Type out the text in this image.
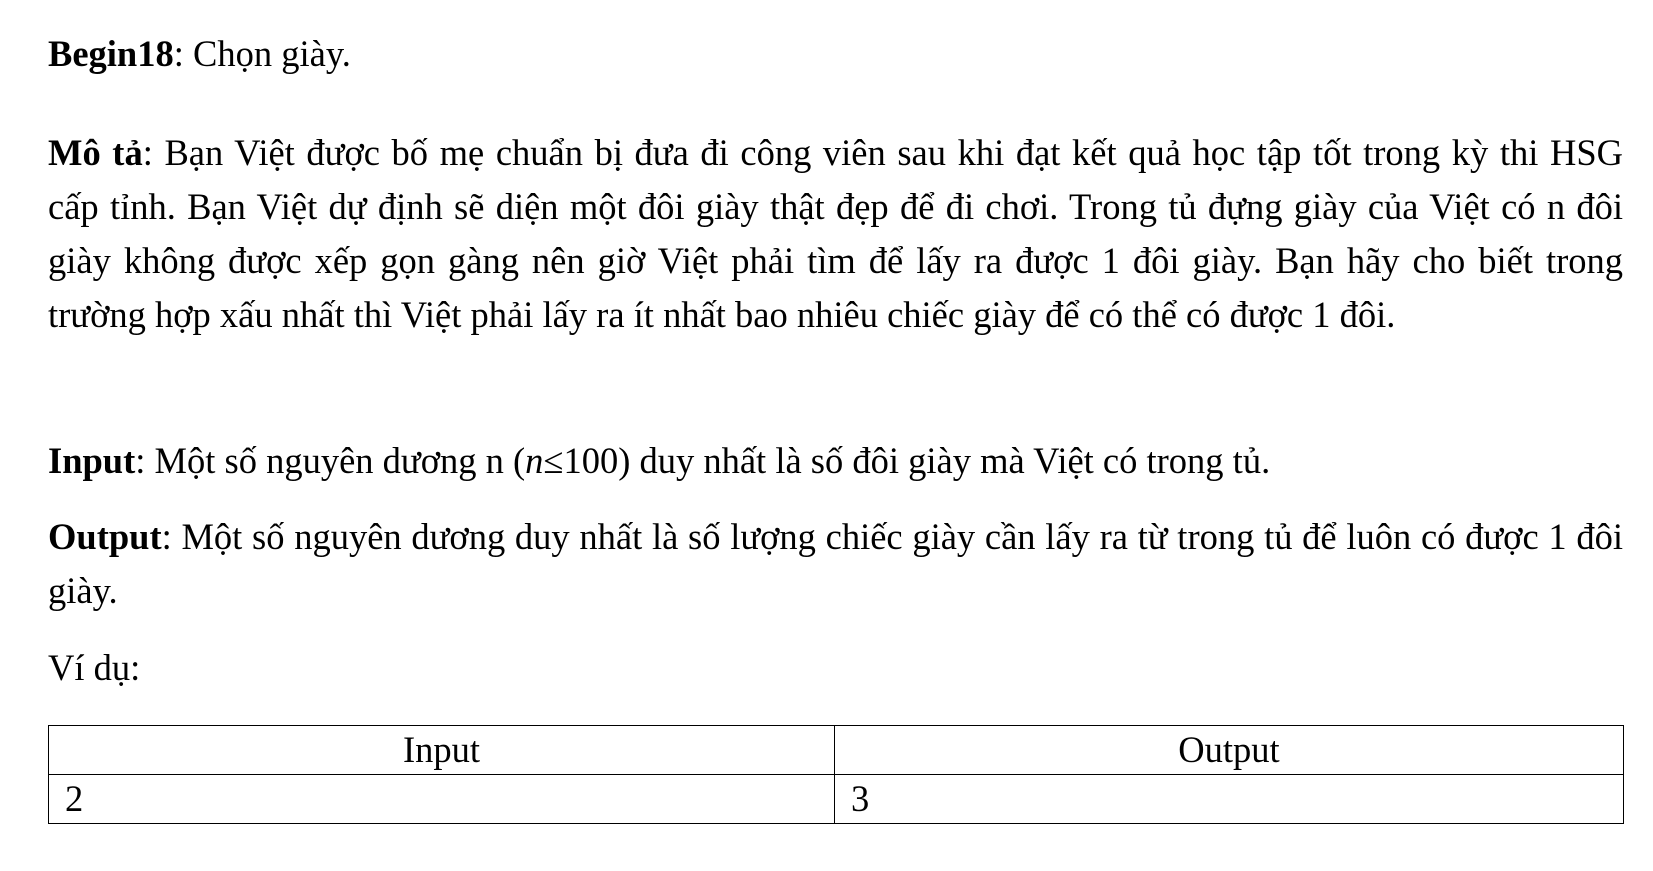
Begin18: Chọn giày.
Mô tả: Bạn Việt được bố mẹ chuẩn bị đưa đi công viên sau khi đạt kết quả học tập tốt trong kỳ thi HSG cấp tỉnh. Bạn Việt dự định sẽ diện một đôi giày thật đẹp để đi chơi. Trong tủ đựng giày của Việt có n đôi giày không được xếp gọn gàng nên giờ Việt phải tìm để lấy ra được 1 đôi giày. Bạn hãy cho biết trong trường hợp xấu nhất thì Việt phải lấy ra ít nhất bao nhiêu chiếc giày để có thể có được 1 đôi.
Input: Một số nguyên dương n (n≤100) duy nhất là số đôi giày mà Việt có trong tủ.
Output: Một số nguyên dương duy nhất là số lượng chiếc giày cần lấy ra từ trong tủ để luôn có được 1 đôi giày.
Ví dụ:
Input	Output
2	3
